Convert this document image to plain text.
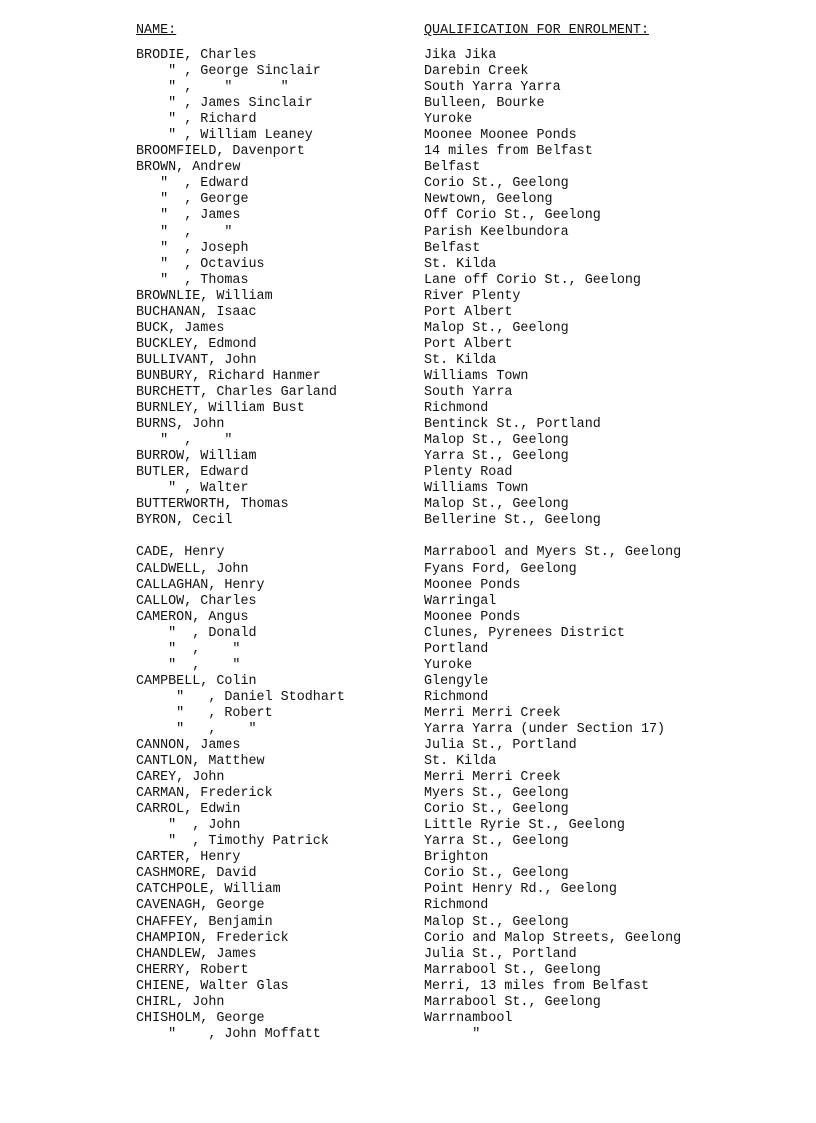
NAME:	QUALIFICATION FOR ENROLMENT:
BRODIE, Charles	Jika Jika
" , George Sinclair	Darebin Creek
" ,    "      "	South Yarra Yarra
" , James Sinclair	Bulleen, Bourke
" , Richard	Yuroke
" , William Leaney	Moonee Moonee Ponds
BROOMFIELD, Davenport	14 miles from Belfast
BROWN, Andrew	Belfast
"  , Edward	Corio St., Geelong
"  , George	Newtown, Geelong
"  , James	Off Corio St., Geelong
"  ,    "	Parish Keelbundora
"  , Joseph	Belfast
"  , Octavius	St. Kilda
"  , Thomas	Lane off Corio St., Geelong
BROWNLIE, William	River Plenty
BUCHANAN, Isaac	Port Albert
BUCK, James	Malop St., Geelong
BUCKLEY, Edmond	Port Albert
BULLIVANT, John	St. Kilda
BUNBURY, Richard Hanmer	Williams Town
BURCHETT, Charles Garland	South Yarra
BURNLEY, William Bust	Richmond
BURNS, John	Bentinck St., Portland
"  ,    "	Malop St., Geelong
BURROW, William	Yarra St., Geelong
BUTLER, Edward	Plenty Road
" , Walter	Williams Town
BUTTERWORTH, Thomas	Malop St., Geelong
BYRON, Cecil	Bellerine St., Geelong
CADE, Henry	Marrabool and Myers St., Geelong
CALDWELL, John	Fyans Ford, Geelong
CALLAGHAN, Henry	Moonee Ponds
CALLOW, Charles	Warringal
CAMERON, Angus	Moonee Ponds
"  , Donald	Clunes, Pyrenees District
"  ,    "	Portland
"  ,    "	Yuroke
CAMPBELL, Colin	Glengyle
"   , Daniel Stodhart	Richmond
"   , Robert	Merri Merri Creek
"   ,    "	Yarra Yarra (under Section 17)
CANNON, James	Julia St., Portland
CANTLON, Matthew	St. Kilda
CAREY, John	Merri Merri Creek
CARMAN, Frederick	Myers St., Geelong
CARROL, Edwin	Corio St., Geelong
"  , John	Little Ryrie St., Geelong
"  , Timothy Patrick	Yarra St., Geelong
CARTER, Henry	Brighton
CASHMORE, David	Corio St., Geelong
CATCHPOLE, William	Point Henry Rd., Geelong
CAVENAGH, George	Richmond
CHAFFEY, Benjamin	Malop St., Geelong
CHAMPION, Frederick	Corio and Malop Streets, Geelong
CHANDLEW, James	Julia St., Portland
CHERRY, Robert	Marrabool St., Geelong
CHIENE, Walter Glas	Merri, 13 miles from Belfast
CHIRL, John	Marrabool St., Geelong
CHISHOLM, George	Warrnambool
"    , John Moffatt	"
